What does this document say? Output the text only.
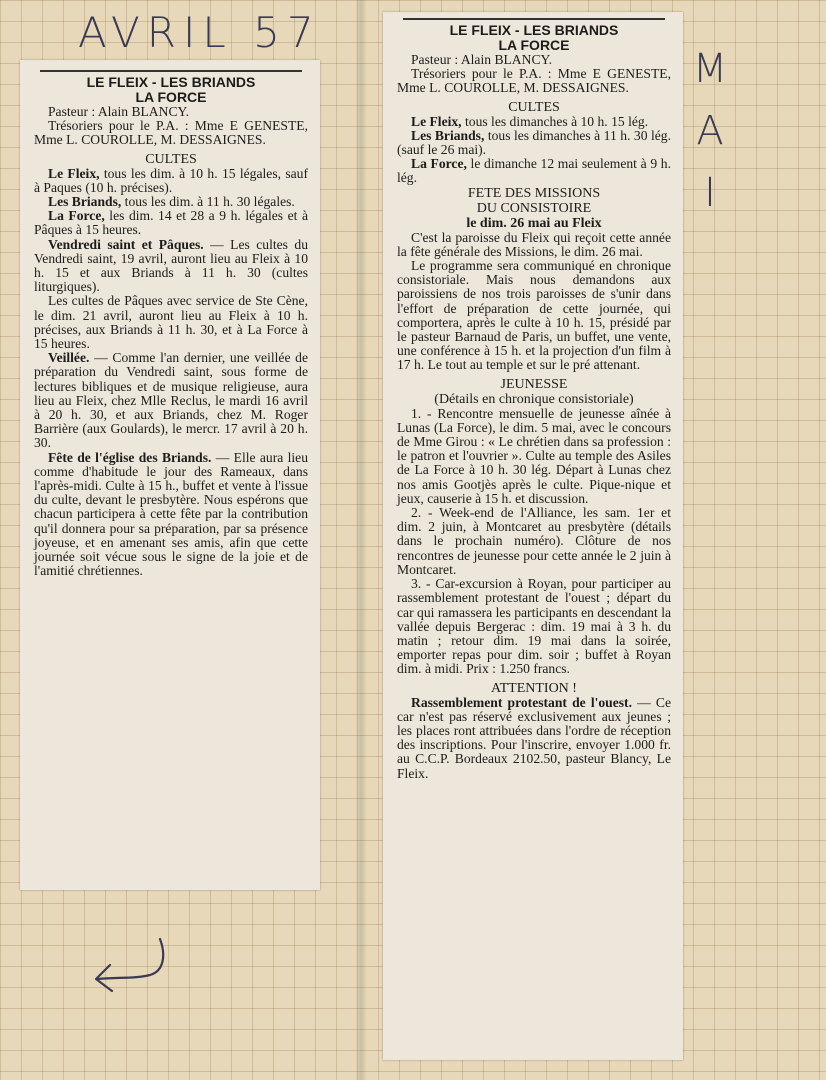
AVRIL 57
M
A
I
LE FLEIX - LES BRIANDS
LA FORCE

Pasteur : Alain BLANCY.

Trésoriers pour le P.A. : Mme E GENESTE, Mme L. COUROLLE, M. DESSAIGNES.

CULTES

Le Fleix, tous les dim. à 10 h. 15 légales, sauf à Paques (10 h. précises).

Les Briands, tous les dim. à 11 h. 30 légales.

La Force, les dim. 14 et 28 a 9 h. légales et à Pâques à 15 heures.

Vendredi saint et Pâques. — Les cultes du Vendredi saint, 19 avril, auront lieu au Fleix à 10 h. 15 et aux Briands à 11 h. 30 (cultes liturgiques).

Les cultes de Pâques avec service de Ste Cène, le dim. 21 avril, auront lieu au Fleix à 10 h. précises, aux Briands à 11 h. 30, et à La Force à 15 heures.

Veillée. — Comme l'an dernier, une veillée de préparation du Vendredi saint, sous forme de lectures bibliques et de musique religieuse, aura lieu au Fleix, chez Mlle Reclus, le mardi 16 avril à 20 h. 30, et aux Briands, chez M. Roger Barrière (aux Goulards), le mercr. 17 avril à 20 h. 30.

Fête de l'église des Briands. — Elle aura lieu comme d'habitude le jour des Rameaux, dans l'après-midi. Culte à 15 h., buffet et vente à l'issue du culte, devant le presbytère. Nous espérons que chacun participera à cette fête par la contribution qu'il donnera pour sa préparation, par sa présence joyeuse, et en amenant ses amis, afin que cette journée soit vécue sous le signe de la joie et de l'amitié chrétiennes.

LE FLEIX - LES BRIANDS
LA FORCE

Pasteur : Alain BLANCY.

Trésoriers pour le P.A. : Mme E GENESTE, Mme L. COUROLLE, M. DESSAIGNES.

CULTES

Le Fleix, tous les dimanches à 10 h. 15 lég.

Les Briands, tous les dimanches à 11 h. 30 lég. (sauf le 26 mai).

La Force, le dimanche 12 mai seulement à 9 h. lég.

FETE DES MISSIONS
DU CONSISTOIRE
le dim. 26 mai au Fleix

C'est la paroisse du Fleix qui reçoit cette année la fête générale des Missions, le dim. 26 mai.

Le programme sera communiqué en chronique consistoriale. Mais nous demandons aux paroissiens de nos trois paroisses de s'unir dans l'effort de préparation de cette journée, qui comportera, après le culte à 10 h. 15, présidé par le pasteur Barnaud de Paris, un buffet, une vente, une conférence à 15 h. et la projection d'un film à 17 h. Le tout au temple et sur le pré attenant.

JEUNESSE
(Détails en chronique consistoriale)

1. - Rencontre mensuelle de jeunesse aînée à Lunas (La Force), le dim. 5 mai, avec le concours de Mme Girou : « Le chrétien dans sa profession : le patron et l'ouvrier ». Culte au temple des Asiles de La Force à 10 h. 30 lég. Départ à Lunas chez nos amis Gootjès après le culte. Pique-nique et jeux, causerie à 15 h. et discussion.

2. - Week-end de l'Alliance, les sam. 1er et dim. 2 juin, à Montcaret au presbytère (détails dans le prochain numéro). Clôture de nos rencontres de jeunesse pour cette année le 2 juin à Montcaret.

3. - Car-excursion à Royan, pour participer au rassemblement protestant de l'ouest ; départ du car qui ramassera les participants en descendant la vallée depuis Bergerac : dim. 19 mai à 3 h. du matin ; retour dim. 19 mai dans la soirée, emporter repas pour dim. soir ; buffet à Royan dim. à midi. Prix : 1.250 francs.

ATTENTION !

Rassemblement protestant de l'ouest. — Ce car n'est pas réservé exclusivement aux jeunes ; les places ront attribuées dans l'ordre de réception des inscriptions. Pour l'inscrire, envoyer 1.000 fr. au C.C.P. Bordeaux 2102.50, pasteur Blancy, Le Fleix.
